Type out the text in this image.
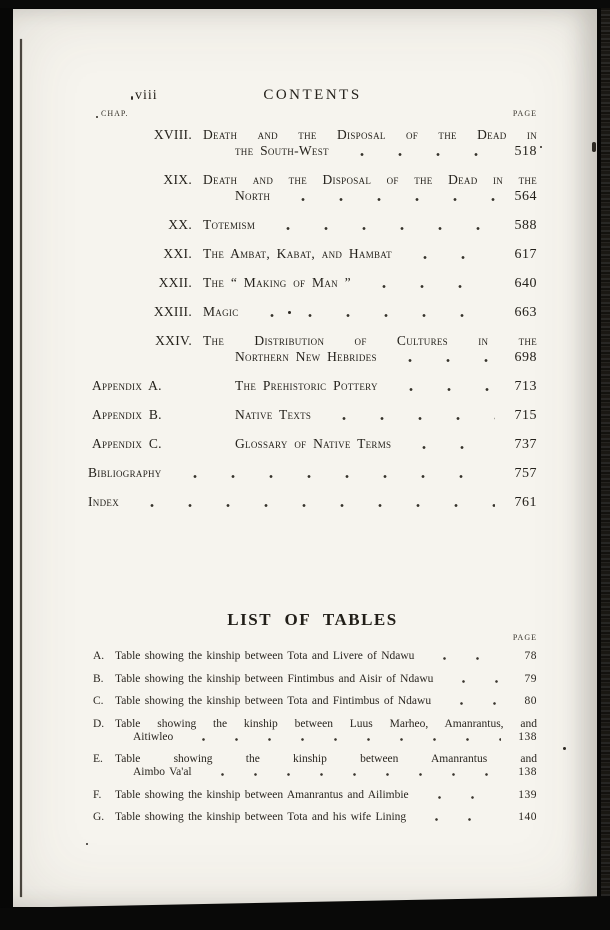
viii	CONTENTS
CHAP.	PAGE
XVIII. Death and the Disposal of the Dead in
the South-West	518
XIX. Death and the Disposal of the Dead in the
North	564
XX. Totemism	588
XXI. The Ambat, Kabat, and Hambat	617
XXII. The “ Making of Man ”	640
XXIII. Magic	663
XXIV. The Distribution of Cultures in the
Northern New Hebrides	698
Appendix A.	The Prehistoric Pottery	713
Appendix B.	Native Texts	715
Appendix C.	Glossary of Native Terms	737
Bibliography	757
Index	761
LIST OF TABLES
PAGE
A. Table showing the kinship between Tota and Livere of Ndawu	78
B. Table showing the kinship between Fintimbus and Aisir of Ndawu	79
C. Table showing the kinship between Tota and Fintimbus of Ndawu	80
D. Table showing the kinship between Luus Marheo, Amanrantus, and
Aitiwleo	138
E.	Table showing the kinship between Amanrantus and
Aimbo Va'al	138
F.	Table showing the kinship between Amanrantus and Ailimbie	139
G. Table showing the kinship between Tota and his wife Lining	140
